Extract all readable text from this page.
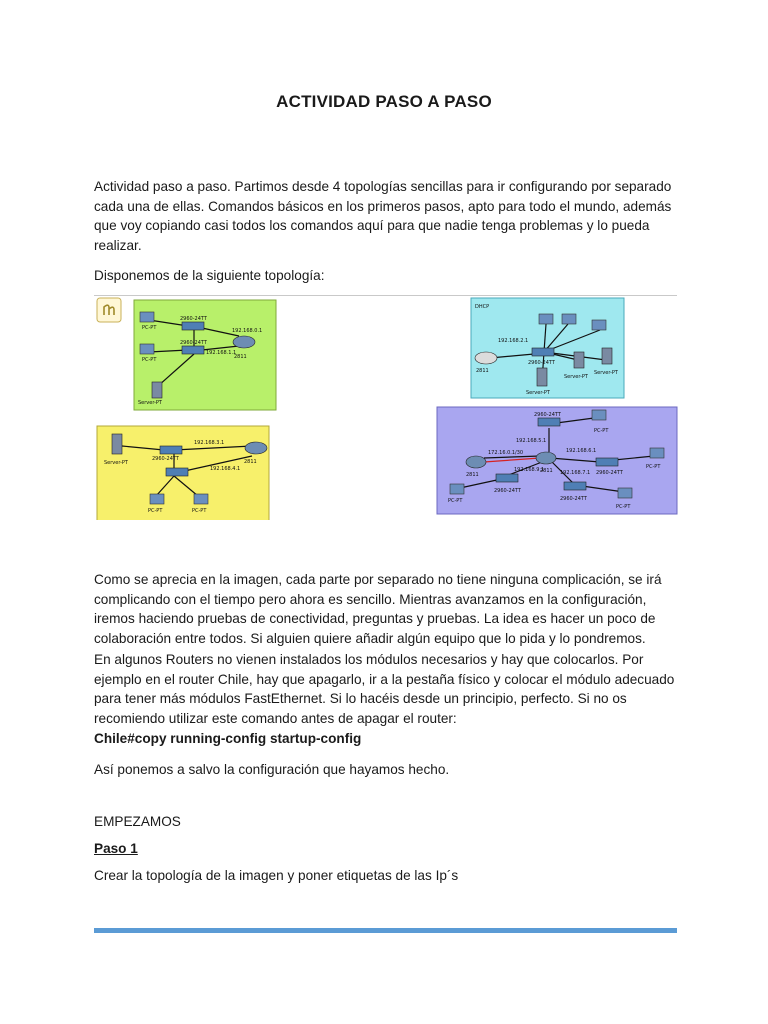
ACTIVIDAD PASO A PASO
Actividad paso a paso. Partimos desde 4 topologías sencillas para ir configurando por separado cada una de ellas. Comandos básicos en los primeros pasos, apto para todo el mundo, además que voy copiando casi todos los comandos aquí para que nadie tenga problemas y lo pueda realizar.
Disponemos de la siguiente topología:
PC-PT
PC-PT
2960-24TT
2960-24TT
2811
192.168.0.1
192.168.1.1
Server-PT
Server-PT
2960-24TT
192.168.3.1
192.168.4.1
2811
PC-PT	PC-PT
DHCP
192.168.2.1
2811
2960-24TT
Server-PT
Server-PT
Server-PT
2960-24TT
PC-PT
192.168.5.1
192.168.6.1
172.16.0.1/30
192.168.9.1	192.168.7.1
2811
2811	2960-24TT
PC-PT
PC-PT
2960-24TT
2960-24TT
PC-PT
Como se aprecia en la imagen, cada parte por separado no tiene ninguna complicación, se irá complicando con el tiempo pero ahora es sencillo. Mientras avanzamos en la configuración, iremos haciendo pruebas de conectividad, preguntas y pruebas. La idea es hacer un poco de colaboración entre todos. Si alguien quiere añadir algún equipo que lo pida y lo pondremos.
En algunos Routers no vienen instalados los módulos necesarios y hay que colocarlos. Por ejemplo en el router Chile, hay que apagarlo, ir a la pestaña físico y colocar el módulo adecuado para tener más módulos FastEthernet. Si lo hacéis desde un principio, perfecto. Si no os recomiendo utilizar este comando antes de apagar el router:
Chile#copy running-config startup-config
Así ponemos a salvo la configuración que hayamos hecho.
EMPEZAMOS
Paso 1
Crear la topología de la imagen y poner etiquetas de las Ip´s
